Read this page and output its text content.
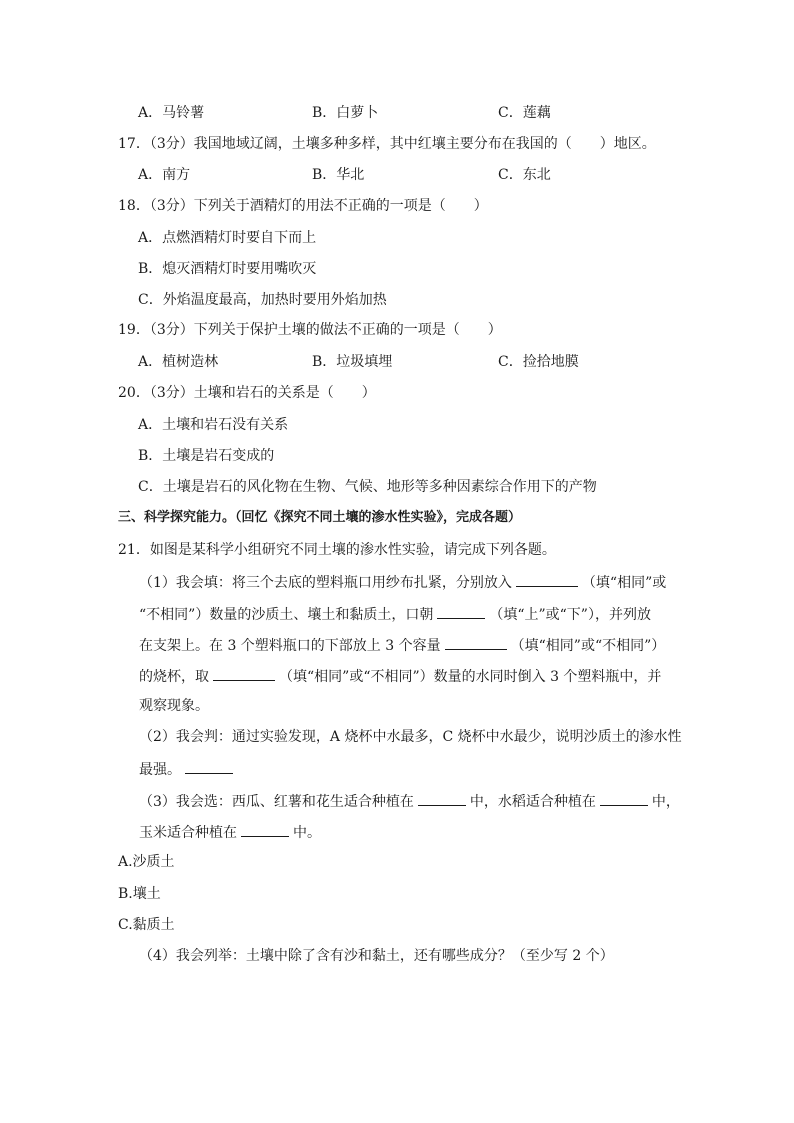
A．马铃薯	B．白萝卜	C．莲藕
17．（3分）我国地域辽阔，土壤多种多样，其中红壤主要分布在我国的（　　）地区。
A．南方	B．华北	C．东北
18．（3分）下列关于酒精灯的用法不正确的一项是（　　）
A．点燃酒精灯时要自下而上
B．熄灭酒精灯时要用嘴吹灭
C．外焰温度最高，加热时要用外焰加热
19．（3分）下列关于保护土壤的做法不正确的一项是（　　）
A．植树造林	B．垃圾填埋	C．捡拾地膜
20．（3分）土壤和岩石的关系是（　　）
A．土壤和岩石没有关系
B．土壤是岩石变成的
C．土壤是岩石的风化物在生物、气候、地形等多种因素综合作用下的产物
三、科学探究能力。（回忆《探究不同土壤的渗水性实验》，完成各题）
21．如图是某科学小组研究不同土壤的渗水性实验，请完成下列各题。
（1）我会填：将三个去底的塑料瓶口用纱布扎紧，分别放入	（填“相同”或
“不相同”）数量的沙质土、壤土和黏质土，口朝	（填“上”或“下”），并列放
在支架上。在 3 个塑料瓶口的下部放上 3 个容量	（填“相同”或“不相同”）
的烧杯，取	（填“相同”或“不相同”）数量的水同时倒入 3 个塑料瓶中，并
观察现象。
（2）我会判：通过实验发现，A 烧杯中水最多，C 烧杯中水最少，说明沙质土的渗水性
最强。
（3）我会选：西瓜、红薯和花生适合种植在	中，水稻适合种植在	中，
玉米适合种植在	中。
A.沙质土
B.壤土
C.黏质土
（4）我会列举：土壤中除了含有沙和黏土，还有哪些成分？（至少写 2 个）
